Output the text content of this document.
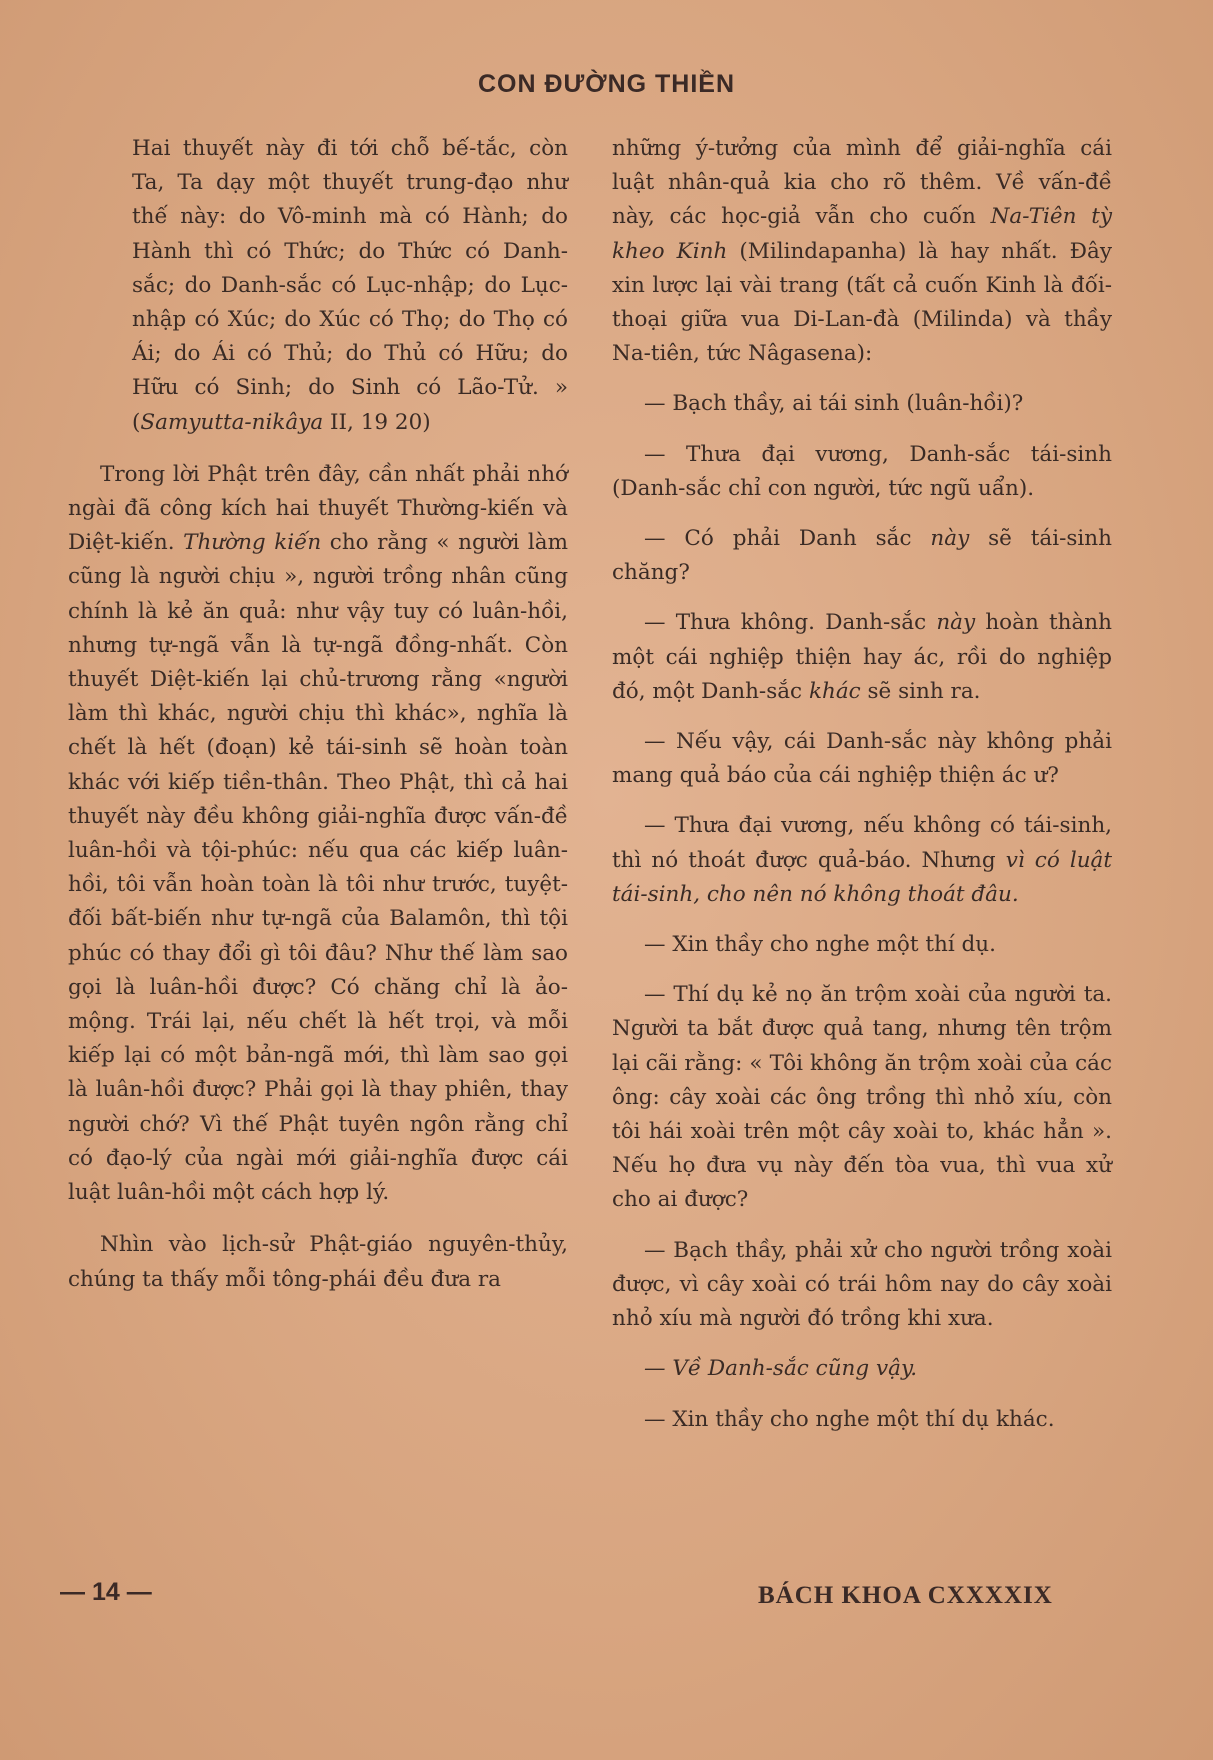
CON ĐƯỜNG THIỀN

Hai thuyết này đi tới chỗ bế-tắc, còn Ta, Ta dạy một thuyết trung-đạo như thế này: do Vô-minh mà có Hành; do Hành thì có Thức; do Thức có Danh-sắc; do Danh-sắc có Lục-nhập; do Lục-nhập có Xúc; do Xúc có Thọ; do Thọ có Ái; do Ái có Thủ; do Thủ có Hữu; do Hữu có Sinh; do Sinh có Lão-Tử. » (Samyutta-nikâya II, 19 20)

Trong lời Phật trên đây, cần nhất phải nhớ ngài đã công kích hai thuyết Thường-kiến và Diệt-kiến. Thường kiến cho rằng « người làm cũng là người chịu », người trồng nhân cũng chính là kẻ ăn quả: như vậy tuy có luân-hồi, nhưng tự-ngã vẫn là tự-ngã đồng-nhất. Còn thuyết Diệt-kiến lại chủ-trương rằng «người làm thì khác, người chịu thì khác», nghĩa là chết là hết (đoạn) kẻ tái-sinh sẽ hoàn toàn khác với kiếp tiền-thân. Theo Phật, thì cả hai thuyết này đều không giải-nghĩa được vấn-đề luân-hồi và tội-phúc: nếu qua các kiếp luân-hồi, tôi vẫn hoàn toàn là tôi như trước, tuyệt-đối bất-biến như tự-ngã của Balamôn, thì tội phúc có thay đổi gì tôi đâu? Như thế làm sao gọi là luân-hồi được? Có chăng chỉ là ảo-mộng. Trái lại, nếu chết là hết trọi, và mỗi kiếp lại có một bản-ngã mới, thì làm sao gọi là luân-hồi được? Phải gọi là thay phiên, thay người chớ? Vì thế Phật tuyên ngôn rằng chỉ có đạo-lý của ngài mới giải-nghĩa được cái luật luân-hồi một cách hợp lý.

Nhìn vào lịch-sử Phật-giáo nguyên-thủy, chúng ta thấy mỗi tông-phái đều đưa ra

những ý-tưởng của mình để giải-nghĩa cái luật nhân-quả kia cho rõ thêm. Về vấn-đề này, các học-giả vẫn cho cuốn Na-Tiên tỳ kheo Kinh (Milindapanha) là hay nhất. Đây xin lược lại vài trang (tất cả cuốn Kinh là đối-thoại giữa vua Di-Lan-đà (Milinda) và thầy Na-tiên, tức Nâgasena):

— Bạch thầy, ai tái sinh (luân-hồi)?

— Thưa đại vương, Danh-sắc tái-sinh (Danh-sắc chỉ con người, tức ngũ uẩn).

— Có phải Danh sắc này sẽ tái-sinh chăng?

— Thưa không. Danh-sắc này hoàn thành một cái nghiệp thiện hay ác, rồi do nghiệp đó, một Danh-sắc khác sẽ sinh ra.

— Nếu vậy, cái Danh-sắc này không phải mang quả báo của cái nghiệp thiện ác ư?

— Thưa đại vương, nếu không có tái-sinh, thì nó thoát được quả-báo. Nhưng vì có luật tái-sinh, cho nên nó không thoát đâu.

— Xin thầy cho nghe một thí dụ.

— Thí dụ kẻ nọ ăn trộm xoài của người ta. Người ta bắt được quả tang, nhưng tên trộm lại cãi rằng: « Tôi không ăn trộm xoài của các ông: cây xoài các ông trồng thì nhỏ xíu, còn tôi hái xoài trên một cây xoài to, khác hẳn ». Nếu họ đưa vụ này đến tòa vua, thì vua xử cho ai được?

— Bạch thầy, phải xử cho người trồng xoài được, vì cây xoài có trái hôm nay do cây xoài nhỏ xíu mà người đó trồng khi xưa.

— Về Danh-sắc cũng vậy.

— Xin thầy cho nghe một thí dụ khác.

— 14 —	BÁCH KHOA CXXXXIX
